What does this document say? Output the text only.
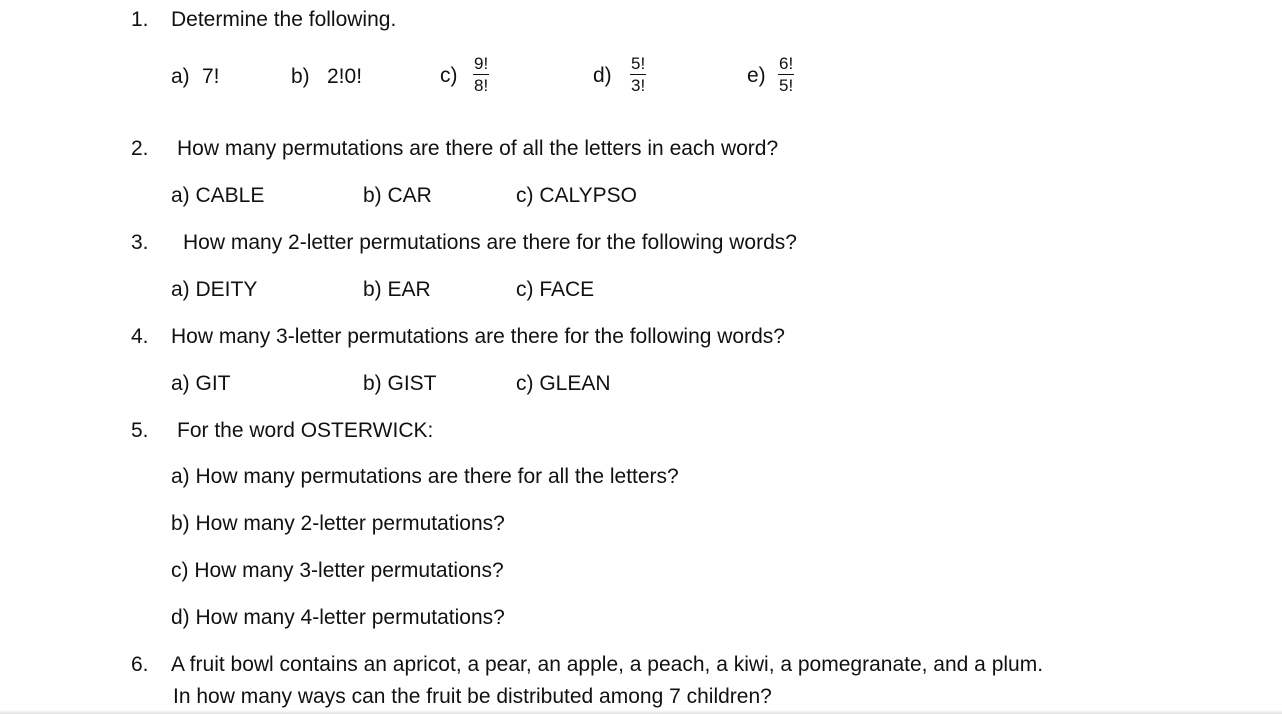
1. Determine the following.
a) 7!	b) 2!0!	$c) \frac{9!}{8!}$	$d) \frac{5!}{3!}$	$e) \frac{6!}{5!}$
2. How many permutations are there of all the letters in each word?
a) CABLE	b) CAR	c) CALYPSO
3. How many 2-letter permutations are there for the following words?
a) DEITY	b) EAR	c) FACE
4. How many 3-letter permutations are there for the following words?
a) GIT	b) GIST	c) GLEAN
5. For the word OSTERWICK:
a) How many permutations are there for all the letters?
b) How many 2-letter permutations?
c) How many 3-letter permutations?
d) How many 4-letter permutations?
6. A fruit bowl contains an apricot, a pear, an apple, a peach, a kiwi, a pomegranate, and a plum.
In how many ways can the fruit be distributed among 7 children?
